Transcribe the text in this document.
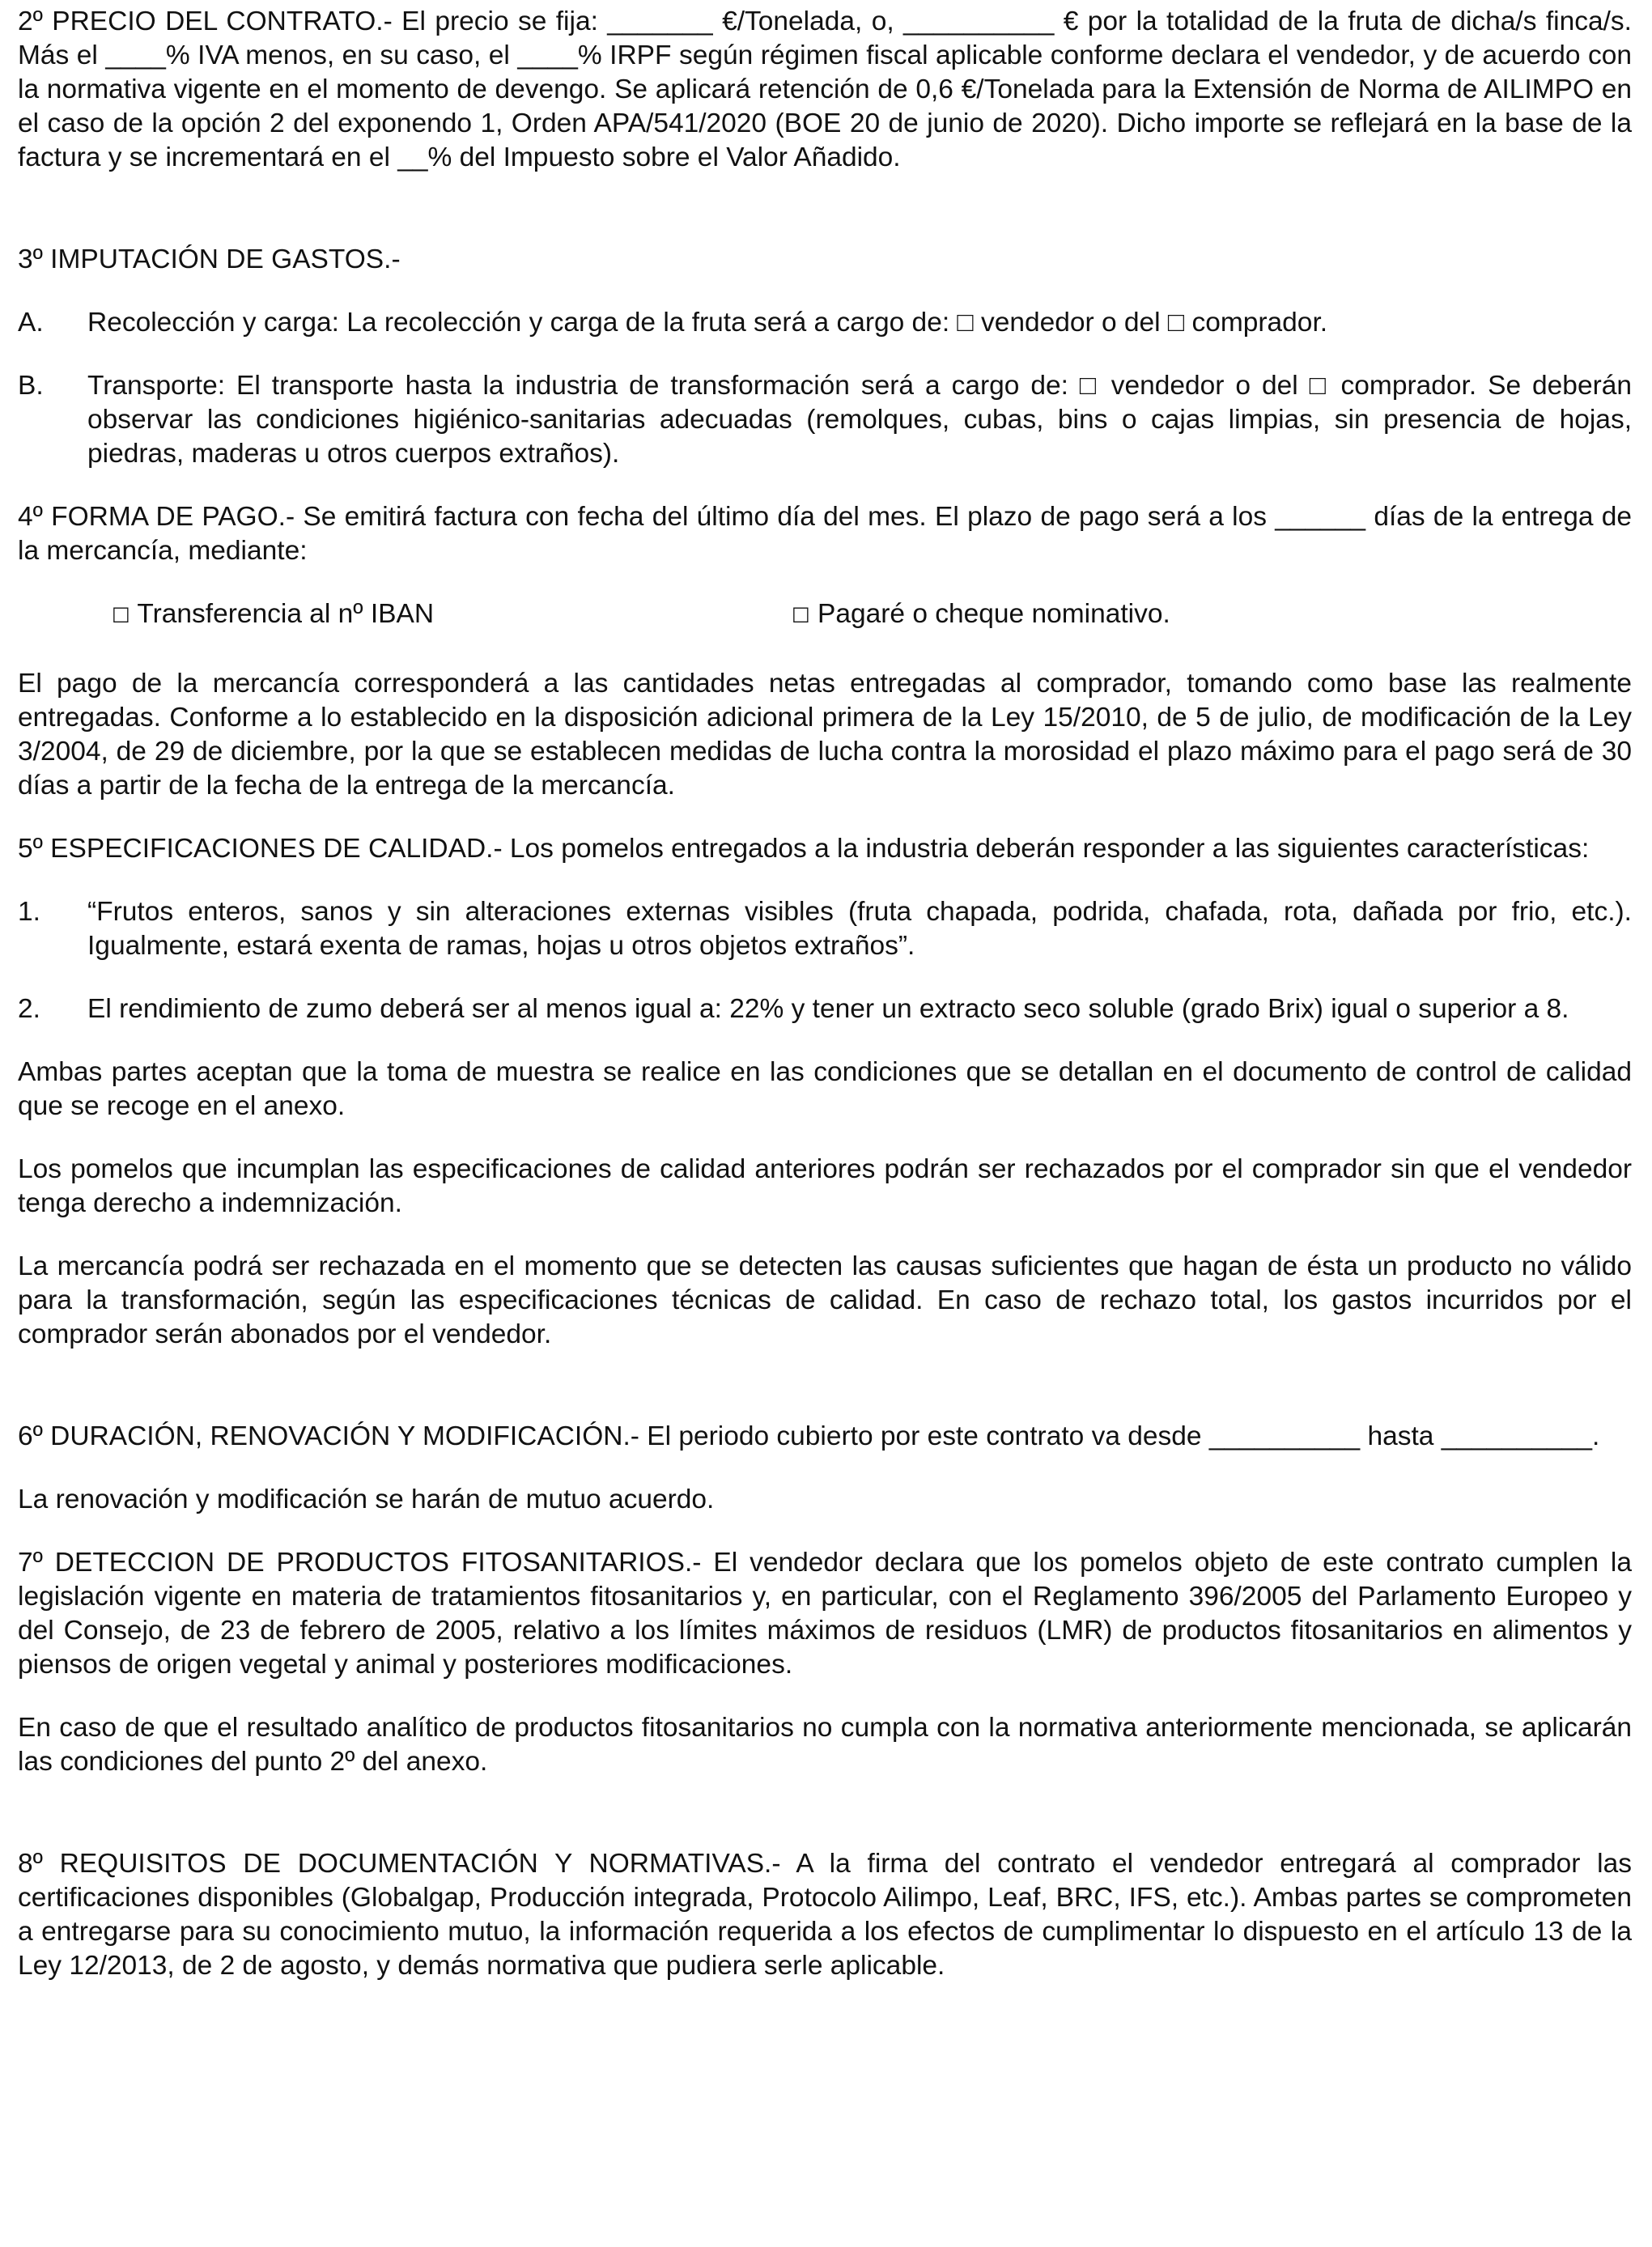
2º PRECIO DEL CONTRATO.- El precio se fija: _______ €/Tonelada, o, __________ € por la totalidad de la fruta de dicha/s finca/s. Más el ____% IVA menos, en su caso, el ____% IRPF según régimen fiscal aplicable conforme declara el vendedor, y de acuerdo con la normativa vigente en el momento de devengo. Se aplicará retención de 0,6 €/Tonelada para la Extensión de Norma de AILIMPO en el caso de la opción 2 del exponendo 1, Orden APA/541/2020 (BOE 20 de junio de 2020). Dicho importe se reflejará en la base de la factura y se incrementará en el __% del Impuesto sobre el Valor Añadido.

3º IMPUTACIÓN DE GASTOS.-

A.	Recolección y carga: La recolección y carga de la fruta será a cargo de: □ vendedor o del □ comprador.
B.	Transporte: El transporte hasta la industria de transformación será a cargo de: □ vendedor o del □ comprador. Se deberán observar las condiciones higiénico-sanitarias adecuadas (remolques, cubas, bins o cajas limpias, sin presencia de hojas, piedras, maderas u otros cuerpos extraños).

4º FORMA DE PAGO.- Se emitirá factura con fecha del último día del mes. El plazo de pago será a los ______ días de la entrega de la mercancía, mediante:

□ Transferencia al nº IBAN	□ Pagaré o cheque nominativo.

El pago de la mercancía corresponderá a las cantidades netas entregadas al comprador, tomando como base las realmente entregadas. Conforme a lo establecido en la disposición adicional primera de la Ley 15/2010, de 5 de julio, de modificación de la Ley 3/2004, de 29 de diciembre, por la que se establecen medidas de lucha contra la morosidad el plazo máximo para el pago será de 30 días a partir de la fecha de la entrega de la mercancía.

5º ESPECIFICACIONES DE CALIDAD.- Los pomelos entregados a la industria deberán responder a las siguientes características:

1.	“Frutos enteros, sanos y sin alteraciones externas visibles (fruta chapada, podrida, chafada, rota, dañada por frio, etc.). Igualmente, estará exenta de ramas, hojas u otros objetos extraños”.
2.	El rendimiento de zumo deberá ser al menos igual a: 22% y tener un extracto seco soluble (grado Brix) igual o superior a 8.

Ambas partes aceptan que la toma de muestra se realice en las condiciones que se detallan en el documento de control de calidad que se recoge en el anexo.

Los pomelos que incumplan las especificaciones de calidad anteriores podrán ser rechazados por el comprador sin que el vendedor tenga derecho a indemnización.

La mercancía podrá ser rechazada en el momento que se detecten las causas suficientes que hagan de ésta un producto no válido para la transformación, según las especificaciones técnicas de calidad. En caso de rechazo total, los gastos incurridos por el comprador serán abonados por el vendedor.

6º DURACIÓN, RENOVACIÓN Y MODIFICACIÓN.- El periodo cubierto por este contrato va desde __________ hasta __________.

La renovación y modificación se harán de mutuo acuerdo.

7º DETECCION DE PRODUCTOS FITOSANITARIOS.- El vendedor declara que los pomelos objeto de este contrato cumplen la legislación vigente en materia de tratamientos fitosanitarios y, en particular, con el Reglamento 396/2005 del Parlamento Europeo y del Consejo, de 23 de febrero de 2005, relativo a los límites máximos de residuos (LMR) de productos fitosanitarios en alimentos y piensos de origen vegetal y animal y posteriores modificaciones.

En caso de que el resultado analítico de productos fitosanitarios no cumpla con la normativa anteriormente mencionada, se aplicarán las condiciones del punto 2º del anexo.

8º REQUISITOS DE DOCUMENTACIÓN Y NORMATIVAS.- A la firma del contrato el vendedor entregará al comprador las certificaciones disponibles (Globalgap, Producción integrada, Protocolo Ailimpo, Leaf, BRC, IFS, etc.). Ambas partes se comprometen a entregarse para su conocimiento mutuo, la información requerida a los efectos de cumplimentar lo dispuesto en el artículo 13 de la Ley 12/2013, de 2 de agosto, y demás normativa que pudiera serle aplicable.
